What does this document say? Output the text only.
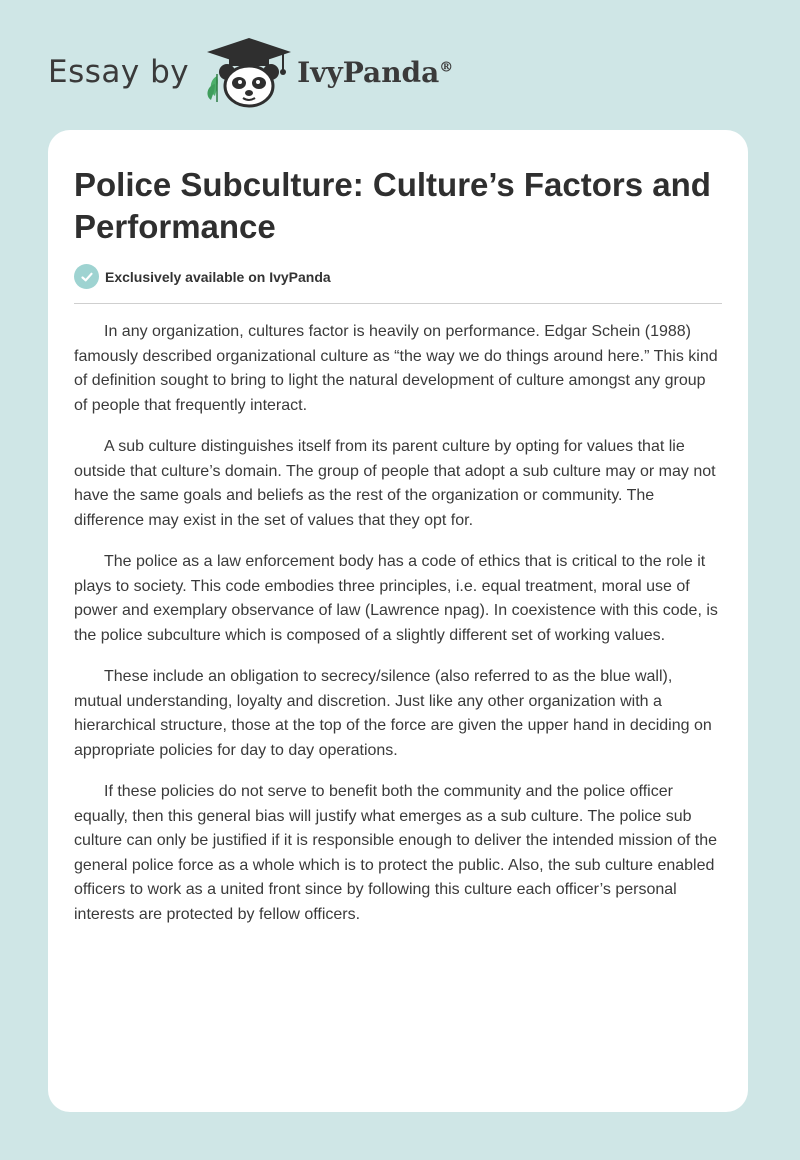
Essay by	IvyPanda®
Police Subculture: Culture’s Factors and Performance
Exclusively available on IvyPanda

In any organization, cultures factor is heavily on performance. Edgar Schein (1988) famously described organizational culture as “the way we do things around here.” This kind of definition sought to bring to light the natural development of culture amongst any group of people that frequently interact.

A sub culture distinguishes itself from its parent culture by opting for values that lie outside that culture’s domain. The group of people that adopt a sub culture may or may not have the same goals and beliefs as the rest of the organization or community. The difference may exist in the set of values that they opt for.

The police as a law enforcement body has a code of ethics that is critical to the role it plays to society. This code embodies three principles, i.e. equal treatment, moral use of power and exemplary observance of law (Lawrence npag). In coexistence with this code, is the police subculture which is composed of a slightly different set of working values.

These include an obligation to secrecy/silence (also referred to as the blue wall), mutual understanding, loyalty and discretion. Just like any other organization with a hierarchical structure, those at the top of the force are given the upper hand in deciding on appropriate policies for day to day operations.

If these policies do not serve to benefit both the community and the police officer equally, then this general bias will justify what emerges as a sub culture. The police sub culture can only be justified if it is responsible enough to deliver the intended mission of the general police force as a whole which is to protect the public. Also, the sub culture enabled officers to work as a united front since by following this culture each officer’s personal interests are protected by fellow officers.
